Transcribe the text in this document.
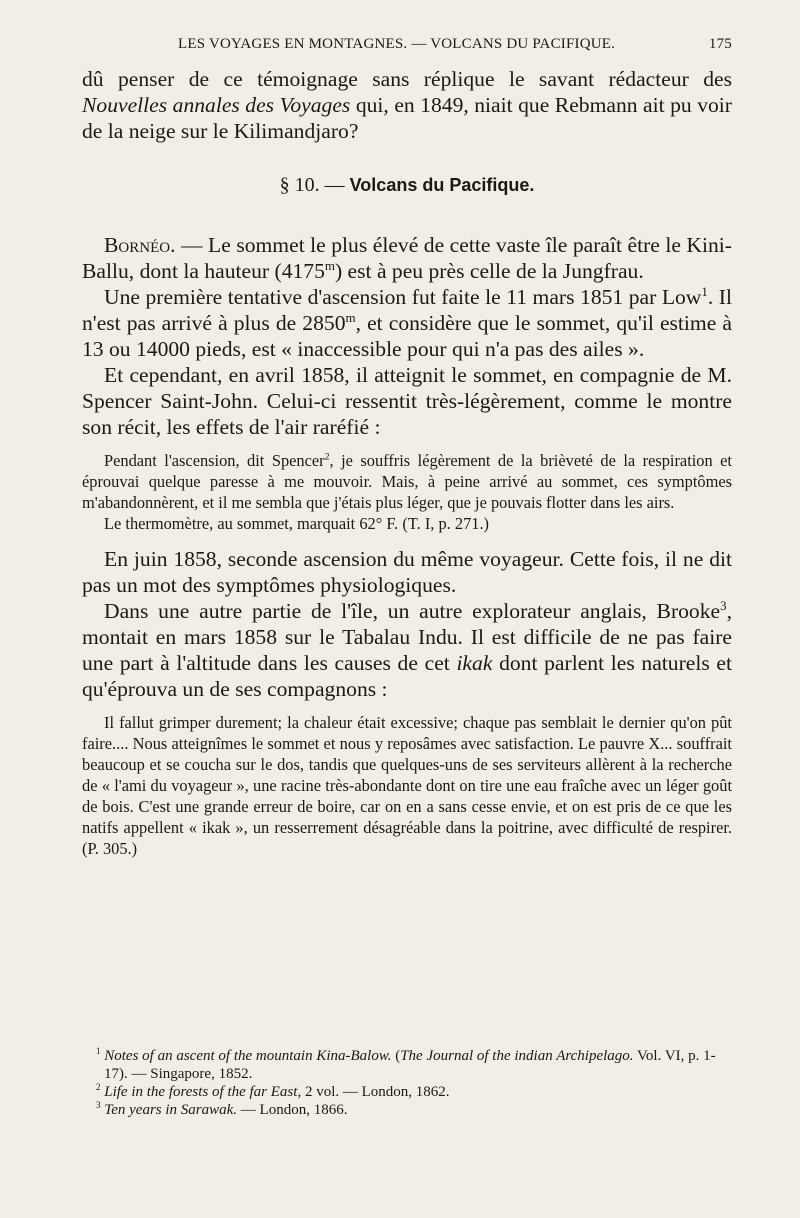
LES VOYAGES EN MONTAGNES. — VOLCANS DU PACIFIQUE.	175

dû penser de ce témoignage sans réplique le savant rédacteur des Nouvelles annales des Voyages qui, en 1849, niait que Rebmann ait pu voir de la neige sur le Kilimandjaro?

§ 10. — Volcans du Pacifique.

Bornéo. — Le sommet le plus élevé de cette vaste île paraît être le Kini-Ballu, dont la hauteur (4175$^m$) est à peu près celle de la Jungfrau.

Une première tentative d'ascension fut faite le 11 mars 1851 par Low$^1$. Il n'est pas arrivé à plus de 2850$^m$, et considère que le sommet, qu'il estime à 13 ou 14000 pieds, est « inaccessible pour qui n'a pas des ailes ».

Et cependant, en avril 1858, il atteignit le sommet, en compagnie de M. Spencer Saint-John. Celui-ci ressentit très-légèrement, comme le montre son récit, les effets de l'air raréfié :

Pendant l'ascension, dit Spencer$^2$, je souffris légèrement de la brièveté de la respiration et éprouvai quelque paresse à me mouvoir. Mais, à peine arrivé au sommet, ces symptômes m'abandonnèrent, et il me sembla que j'étais plus léger, que je pouvais flotter dans les airs.

Le thermomètre, au sommet, marquait 62° F. (T. I, p. 271.)

En juin 1858, seconde ascension du même voyageur. Cette fois, il ne dit pas un mot des symptômes physiologiques.

Dans une autre partie de l'île, un autre explorateur anglais, Brooke$^3$, montait en mars 1858 sur le Tabalau Indu. Il est difficile de ne pas faire une part à l'altitude dans les causes de cet ikak dont parlent les naturels et qu'éprouva un de ses compagnons :

Il fallut grimper durement; la chaleur était excessive; chaque pas semblait le dernier qu'on pût faire.... Nous atteignîmes le sommet et nous y reposâmes avec satisfaction. Le pauvre X... souffrait beaucoup et se coucha sur le dos, tandis que quelques-uns de ses serviteurs allèrent à la recherche de « l'ami du voyageur », une racine très-abondante dont on tire une eau fraîche avec un léger goût de bois. C'est une grande erreur de boire, car on en a sans cesse envie, et on est pris de ce que les natifs appellent « ikak », un resserrement désagréable dans la poitrine, avec difficulté de respirer. (P. 305.)

$^1$ Notes of an ascent of the mountain Kina-Balow. (The Journal of the indian Archipelago. Vol. VI, p. 1-17). — Singapore, 1852.

$^2$ Life in the forests of the far East, 2 vol. — London, 1862.

$^3$ Ten years in Sarawak. — London, 1866.
